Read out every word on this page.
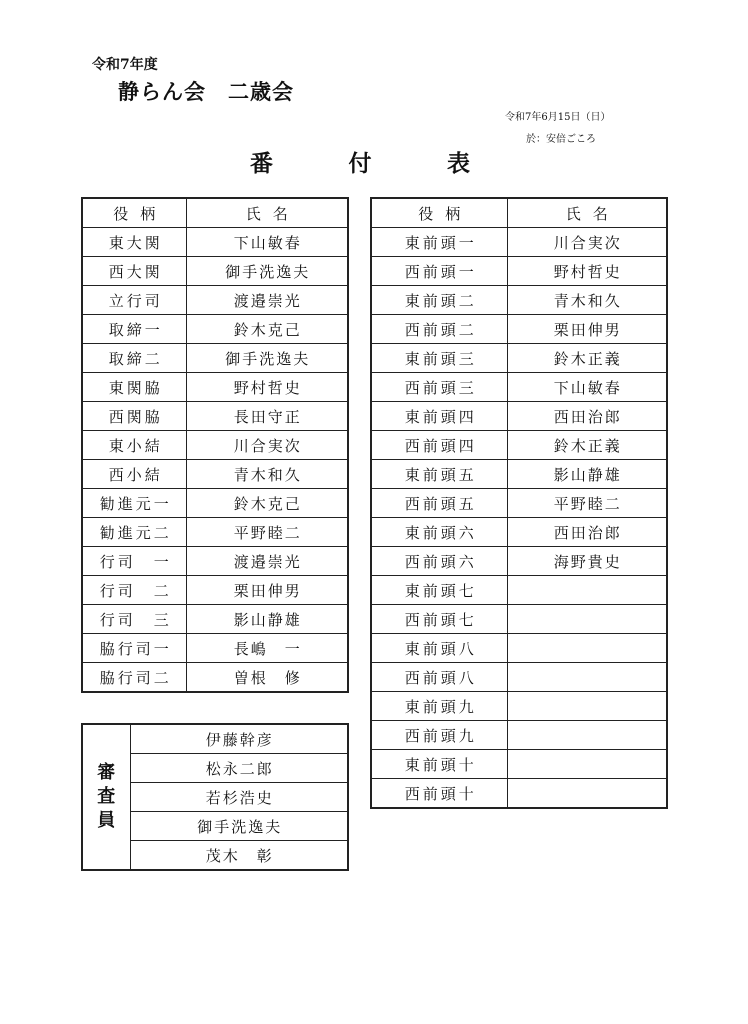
令和7年度
静らん会　二歳会
令和7年6月15日（日）
於：安倍ごころ
番	付	表
役柄	氏名
東大関	下山敏春
西大関	御手洗逸夫
立行司	渡邉崇光
取締一	鈴木克己
取締二	御手洗逸夫
東関脇	野村哲史
西関脇	長田守正
東小結	川合実次
西小結	青木和久
勧進元一	鈴木克己
勧進元二	平野睦二
行司　一	渡邉崇光
行司　二	栗田伸男
行司　三	影山静雄
脇行司一	長嶋　一
脇行司二	曽根　修
役柄	氏名
東前頭一	川合実次
西前頭一	野村哲史
東前頭二	青木和久
西前頭二	栗田伸男
東前頭三	鈴木正義
西前頭三	下山敏春
東前頭四	西田治郎
西前頭四	鈴木正義
東前頭五	影山静雄
西前頭五	平野睦二
東前頭六	西田治郎
西前頭六	海野貴史
東前頭七	
西前頭七	
東前頭八	
西前頭八	
東前頭九	
西前頭九	
東前頭十	
西前頭十	
審査員
	伊藤幹彦
松永二郎
若杉浩史
御手洗逸夫
茂木　彰
